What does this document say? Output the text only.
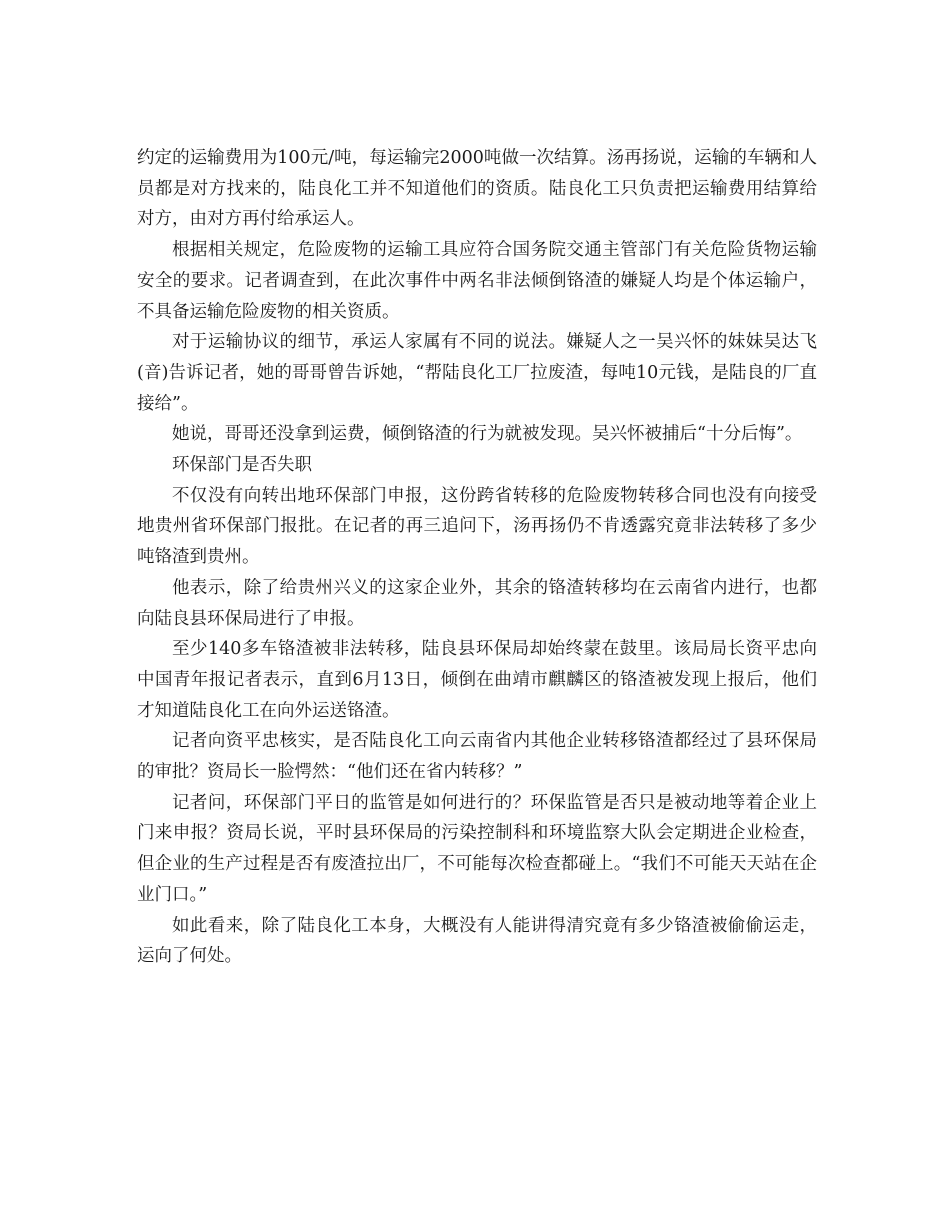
约定的运输费用为100元/吨，每运输完2000吨做一次结算。汤再扬说，运输的车辆和人员都是对方找来的，陆良化工并不知道他们的资质。陆良化工只负责把运输费用结算给对方，由对方再付给承运人。

根据相关规定，危险废物的运输工具应符合国务院交通主管部门有关危险货物运输安全的要求。记者调查到，在此次事件中两名非法倾倒铬渣的嫌疑人均是个体运输户，不具备运输危险废物的相关资质。

对于运输协议的细节，承运人家属有不同的说法。嫌疑人之一吴兴怀的妹妹吴达飞(音)告诉记者，她的哥哥曾告诉她，“帮陆良化工厂拉废渣，每吨10元钱，是陆良的厂直接给”。

她说，哥哥还没拿到运费，倾倒铬渣的行为就被发现。吴兴怀被捕后“十分后悔”。

环保部门是否失职

不仅没有向转出地环保部门申报，这份跨省转移的危险废物转移合同也没有向接受地贵州省环保部门报批。在记者的再三追问下，汤再扬仍不肯透露究竟非法转移了多少吨铬渣到贵州。

他表示，除了给贵州兴义的这家企业外，其余的铬渣转移均在云南省内进行，也都向陆良县环保局进行了申报。

至少140多车铬渣被非法转移，陆良县环保局却始终蒙在鼓里。该局局长资平忠向中国青年报记者表示，直到6月13日，倾倒在曲靖市麒麟区的铬渣被发现上报后，他们才知道陆良化工在向外运送铬渣。

记者向资平忠核实，是否陆良化工向云南省内其他企业转移铬渣都经过了县环保局的审批？资局长一脸愕然：“他们还在省内转移？”

记者问，环保部门平日的监管是如何进行的？环保监管是否只是被动地等着企业上门来申报？资局长说，平时县环保局的污染控制科和环境监察大队会定期进企业检查，但企业的生产过程是否有废渣拉出厂，不可能每次检查都碰上。“我们不可能天天站在企业门口。”

如此看来，除了陆良化工本身，大概没有人能讲得清究竟有多少铬渣被偷偷运走，运向了何处。
